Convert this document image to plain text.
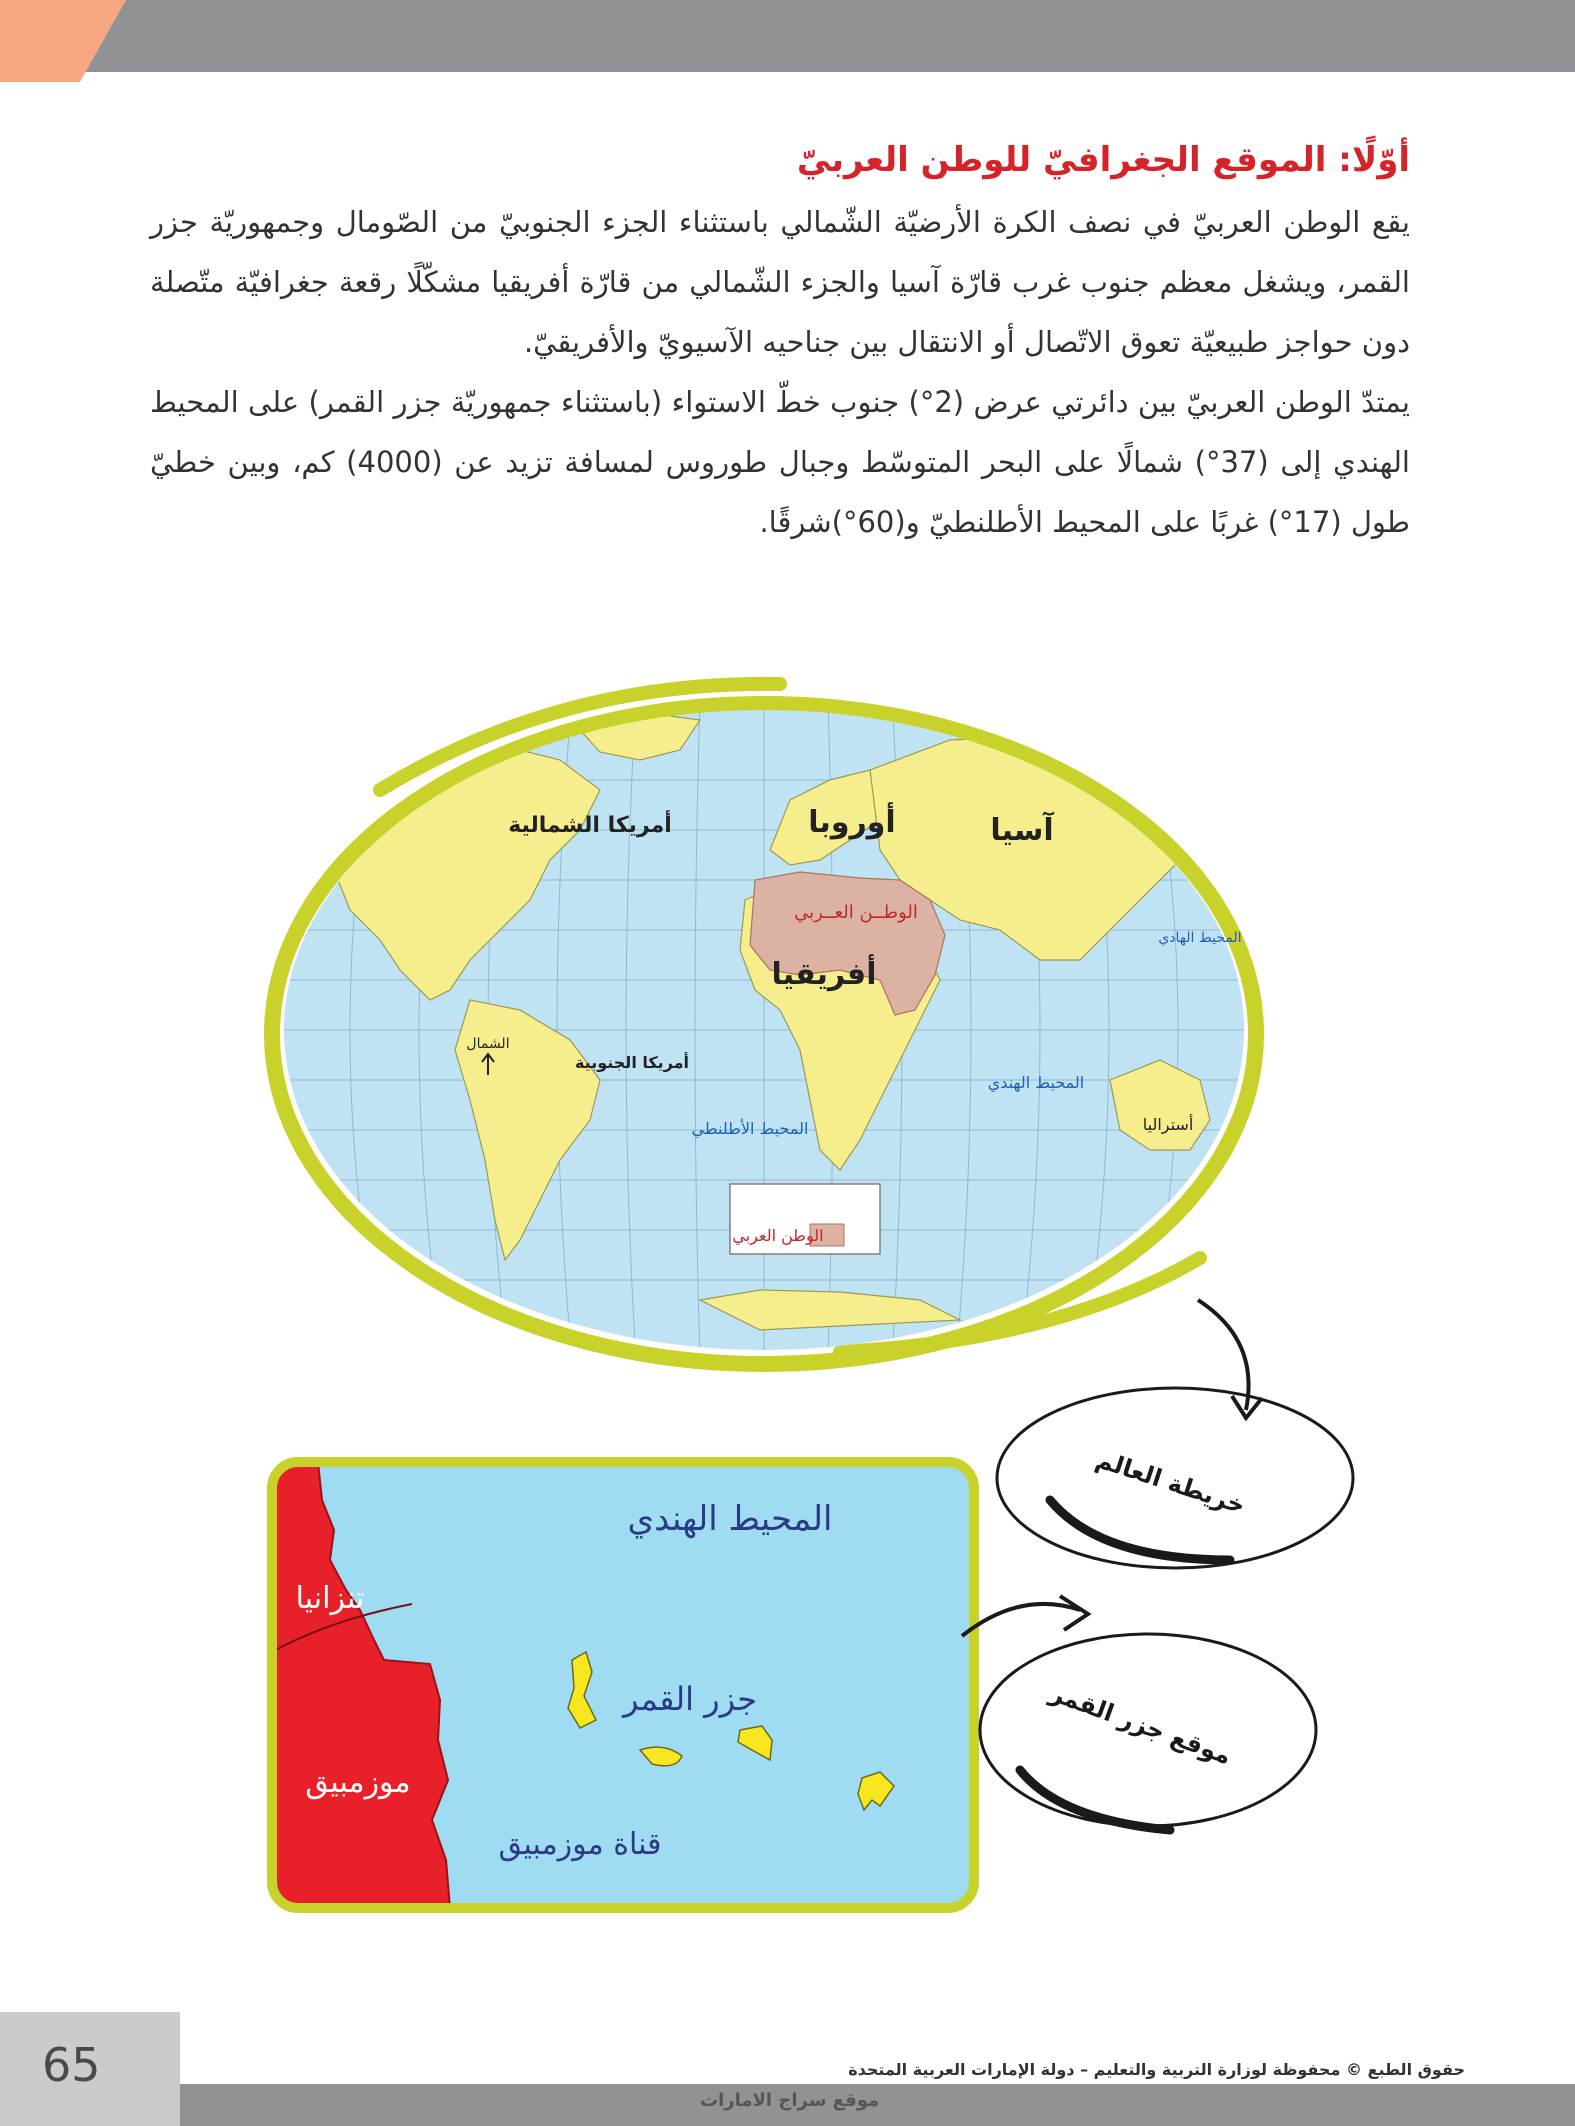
أوّلًا: الموقع الجغرافيّ للوطن العربيّ

يقع الوطن العربيّ في نصف الكرة الأرضيّة الشّمالي باستثناء الجزء الجنوبيّ من الصّومال وجمهوريّة جزر القمر، ويشغل معظم جنوب غرب قارّة آسيا والجزء الشّمالي من قارّة أفريقيا مشكّلًا رقعة جغرافيّة متّصلة دون حواجز طبيعيّة تعوق الاتّصال أو الانتقال بين جناحيه الآسيويّ والأفريقيّ.

يمتدّ الوطن العربيّ بين دائرتي عرض (2°) جنوب خطّ الاستواء (باستثناء جمهوريّة جزر القمر) على المحيط الهندي إلى (37°) شمالًا على البحر المتوسّط وجبال طوروس لمسافة تزيد عن (4000) كم، وبين خطيّ طول (17°) غربًا على المحيط الأطلنطيّ و(60°)شرقًا.

أمريكا الشمالية	أوروبا	آسيا
الوطــن العــربي
المحيط الهادي
أفريقيا
الشمال
أمريكا الجنوبية
المحيط الهندي
المحيط الأطلنطي	أستراليا
الوطن العربي
خريطة العالم
المحيط الهندي
تنزانيا
جزر القمر
موزمبيق
قناة موزمبيق
موقع جزر القمر
65	حقوق الطبع © محفوظة لوزارة التربية والتعليم – دولة الإمارات العربية المتحدة
موقع سراج الامارات
